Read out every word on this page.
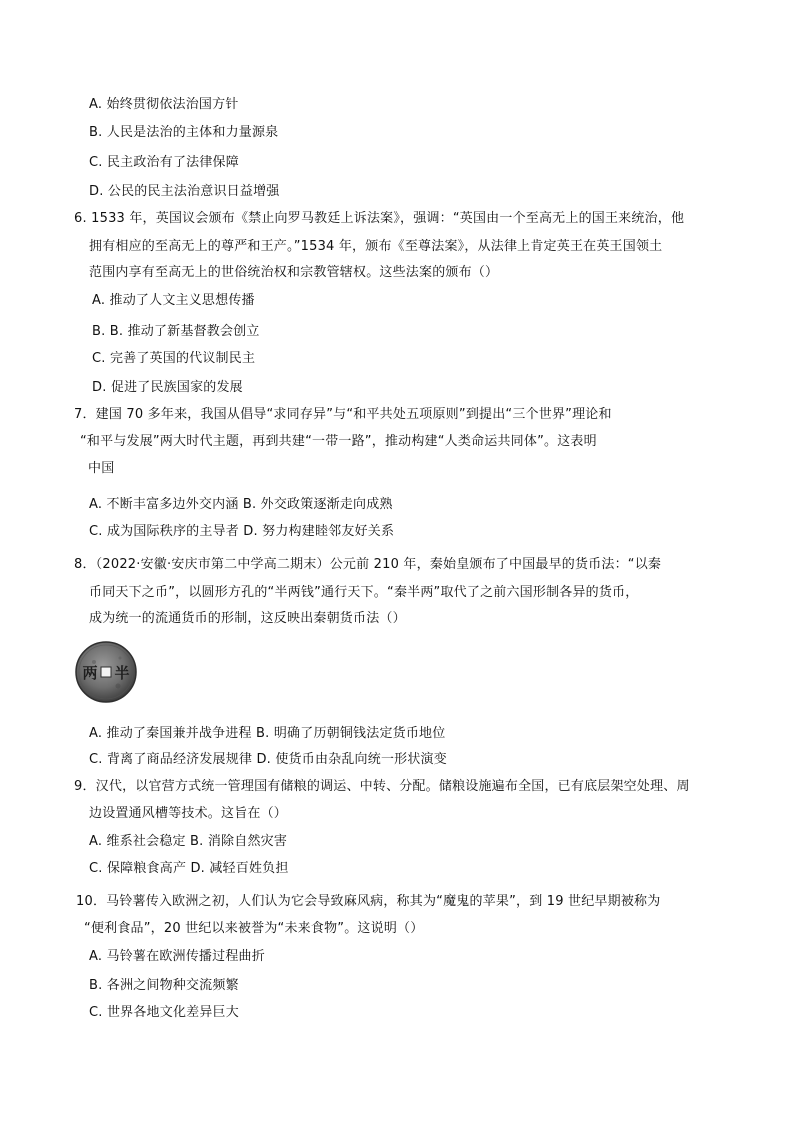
A. 始终贯彻依法治国方针
B. 人民是法治的主体和力量源泉
C. 民主政治有了法律保障
D. 公民的民主法治意识日益增强
6. 1533 年，英国议会颁布《禁止向罗马教廷上诉法案》，强调：“英国由一个至高无上的国王来统治，他
拥有相应的至高无上的尊严和王产。”1534 年，颁布《至尊法案》，从法律上肯定英王在英王国领土
范围内享有至高无上的世俗统治权和宗教管辖权。这些法案的颁布（）
A. 推动了人文主义思想传播
B. B. 推动了新基督教会创立
C. 完善了英国的代议制民主
D. 促进了民族国家的发展
7．建国 70 多年来，我国从倡导“求同存异”与“和平共处五项原则”到提出“三个世界”理论和
“和平与发展”两大时代主题，再到共建“一带一路”，推动构建“人类命运共同体”。这表明
中国
A. 不断丰富多边外交内涵 B. 外交政策逐渐走向成熟
C. 成为国际秩序的主导者 D. 努力构建睦邻友好关系
8．（2022·安徽·安庆市第二中学高二期末）公元前 210 年，秦始皇颁布了中国最早的货币法：“以秦
币同天下之币”，以圆形方孔的“半两钱”通行天下。“秦半两”取代了之前六国形制各异的货币，
成为统一的流通货币的形制，这反映出秦朝货币法（）
半
两
A. 推动了秦国兼并战争进程 B. 明确了历朝铜钱法定货币地位
C. 背离了商品经济发展规律 D. 使货币由杂乱向统一形状演变
9．汉代，以官营方式统一管理国有储粮的调运、中转、分配。储粮设施遍布全国，已有底层架空处理、周
边设置通风槽等技术。这旨在（）
A. 维系社会稳定 B. 消除自然灾害
C. 保障粮食高产 D. 减轻百姓负担
10．马铃薯传入欧洲之初，人们认为它会导致麻风病，称其为“魔鬼的苹果”，到 19 世纪早期被称为
“便利食品”，20 世纪以来被誉为“未来食物”。这说明（）
A. 马铃薯在欧洲传播过程曲折
B. 各洲之间物种交流频繁
C. 世界各地文化差异巨大
